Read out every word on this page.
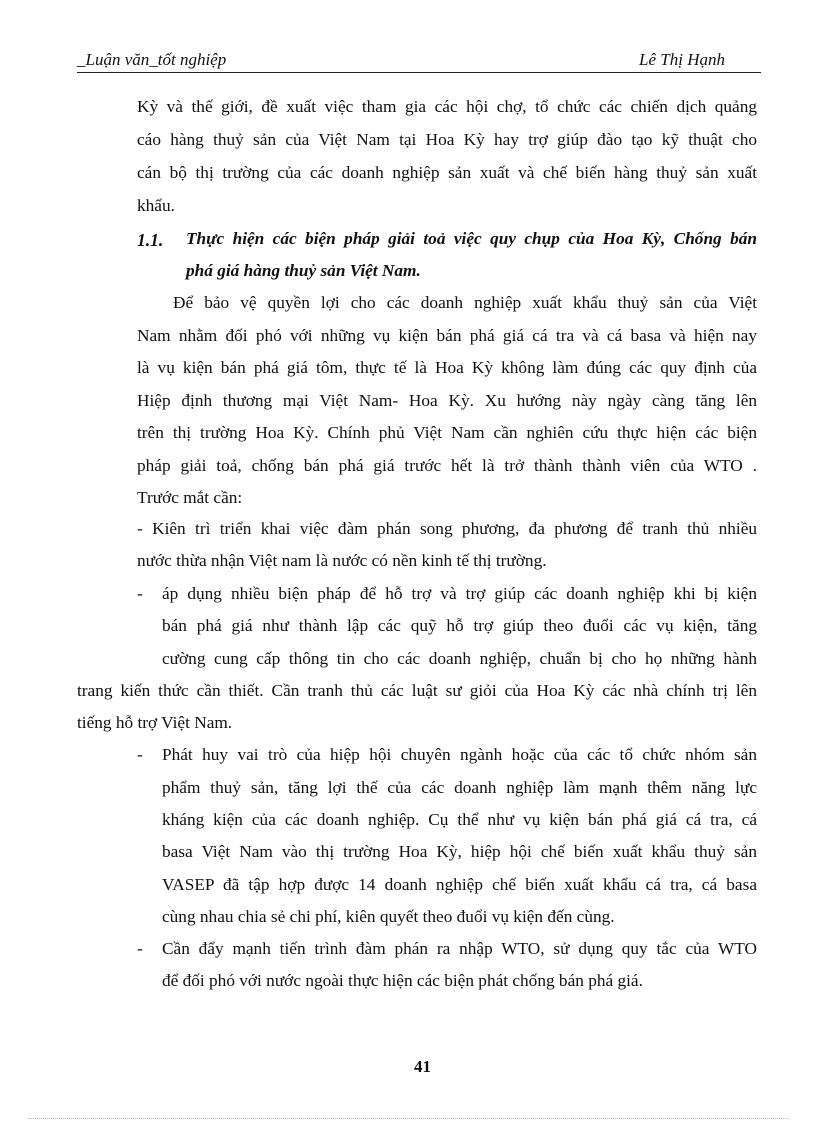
_Luận văn_tốt nghiệp	Lê Thị Hạnh
Kỳ và thế giới, đề xuất việc tham gia các hội chợ, tổ chức các chiến dịch quảng
cáo hàng thuỷ sản của Việt Nam tại Hoa Kỳ hay trợ giúp đào tạo kỹ thuật cho
cán bộ thị trường của các doanh nghiệp sản xuất và chế biến hàng thuỷ sản xuất
khẩu.
1.1. Thực hiện các biện pháp giải toả việc quy chụp của Hoa Kỳ, Chống bán
phá giá hàng thuỷ sản Việt Nam.
Để bảo vệ quyền lợi cho các doanh nghiệp xuất khẩu thuỷ sản của Việt
Nam nhằm đối phó với những vụ kiện bán phá giá cá tra và cá basa và hiện nay
là vụ kiện bán phá giá tôm, thực tế là Hoa Kỳ không làm đúng các quy định của
Hiệp định thương mại Việt Nam- Hoa Kỳ. Xu hướng này ngày càng tăng lên
trên thị trường Hoa Kỳ. Chính phủ Việt Nam cần nghiên cứu thực hiện các biện
pháp giải toả, chống bán phá giá trước hết là trở thành thành viên của WTO .
Trước mắt cần:
- Kiên trì triển khai việc đàm phán song phương, đa phương để tranh thủ nhiều
nước thừa nhận Việt nam là nước có nền kinh tế thị trường.
- áp dụng nhiều biện pháp để hỗ trợ và trợ giúp các doanh nghiệp khi bị kiện
bán phá giá như thành lập các quỹ hỗ trợ giúp theo đuổi các vụ kiện, tăng
cường cung cấp thông tin cho các doanh nghiệp, chuẩn bị cho họ những hành
trang kiến thức cần thiết. Cần tranh thủ các luật sư giỏi của Hoa Kỳ các nhà chính trị lên
tiếng hỗ trợ Việt Nam.
- Phát huy vai trò của hiệp hội chuyên ngành hoặc của các tổ chức nhóm sản
phẩm thuỷ sản, tăng lợi thế của các doanh nghiệp làm mạnh thêm năng lực
kháng kiện của các doanh nghiệp. Cụ thể như vụ kiện bán phá giá cá tra, cá
basa Việt Nam vào thị trường Hoa Kỳ, hiệp hội chế biến xuất khẩu thuỷ sản
VASEP đã tập hợp được 14 doanh nghiệp chế biến xuất khẩu cá tra, cá basa
cùng nhau chia sẻ chi phí, kiên quyết theo đuổi vụ kiện đến cùng.
- Cần đẩy mạnh tiến trình đàm phán ra nhập WTO, sử dụng quy tắc của WTO
để đối phó với nước ngoài thực hiện các biện phát chống bán phá giá.
41
